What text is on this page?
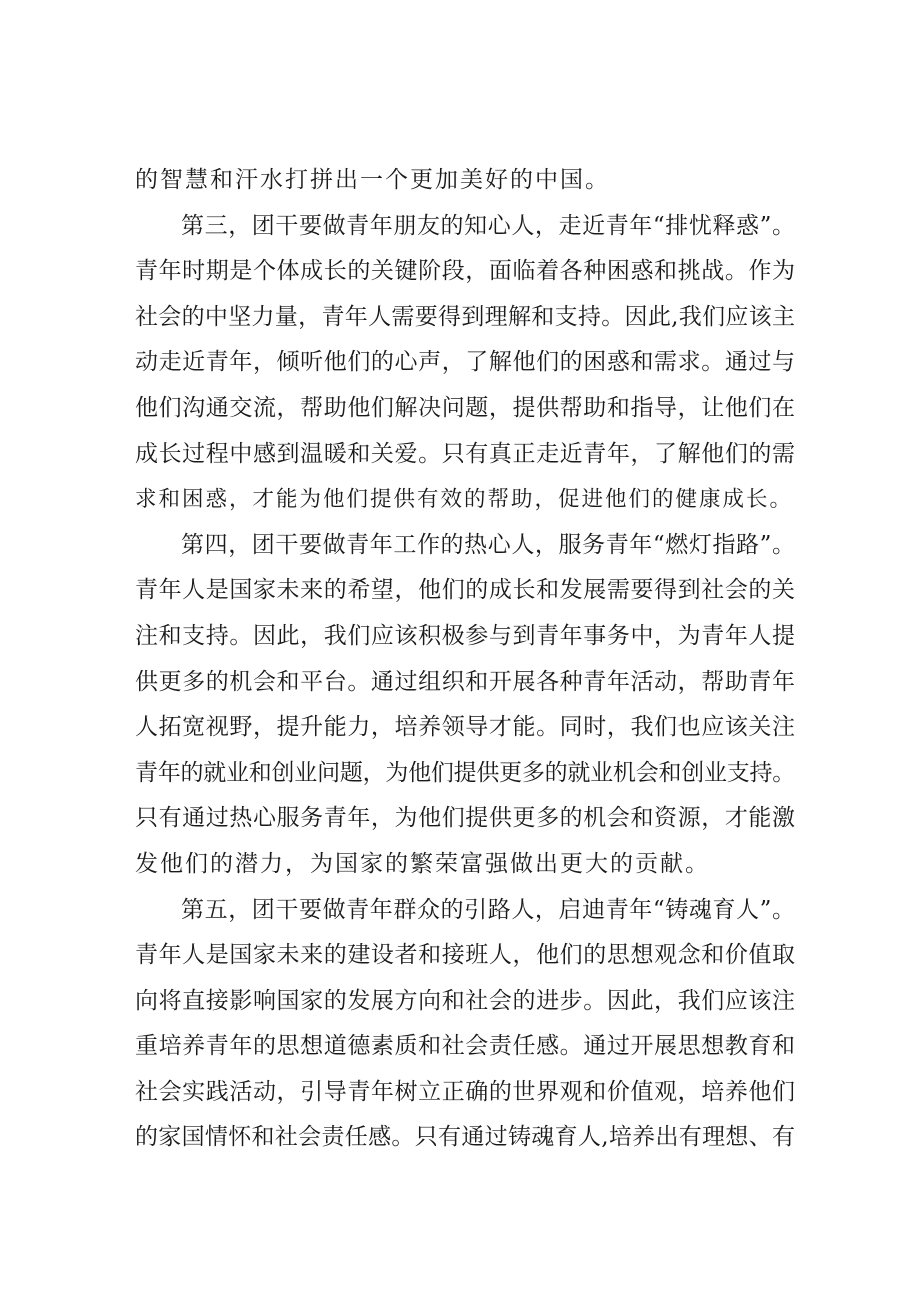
的智慧和汗水打拼出一个更加美好的中国。
第三，团干要做青年朋友的知心人，走近青年“排忧释惑”。
青年时期是个体成长的关键阶段，面临着各种困惑和挑战。作为
社会的中坚力量，青年人需要得到理解和支持。因此,我们应该主
动走近青年，倾听他们的心声，了解他们的困惑和需求。通过与
他们沟通交流，帮助他们解决问题，提供帮助和指导，让他们在
成长过程中感到温暖和关爱。只有真正走近青年，了解他们的需
求和困惑，才能为他们提供有效的帮助，促进他们的健康成长。
第四，团干要做青年工作的热心人，服务青年“燃灯指路”。
青年人是国家未来的希望，他们的成长和发展需要得到社会的关
注和支持。因此，我们应该积极参与到青年事务中，为青年人提
供更多的机会和平台。通过组织和开展各种青年活动，帮助青年
人拓宽视野，提升能力，培养领导才能。同时，我们也应该关注
青年的就业和创业问题，为他们提供更多的就业机会和创业支持。
只有通过热心服务青年，为他们提供更多的机会和资源，才能激
发他们的潜力，为国家的繁荣富强做出更大的贡献。
第五，团干要做青年群众的引路人，启迪青年“铸魂育人”。
青年人是国家未来的建设者和接班人，他们的思想观念和价值取
向将直接影响国家的发展方向和社会的进步。因此，我们应该注
重培养青年的思想道德素质和社会责任感。通过开展思想教育和
社会实践活动，引导青年树立正确的世界观和价值观，培养他们
的家国情怀和社会责任感。只有通过铸魂育人,培养出有理想、有
